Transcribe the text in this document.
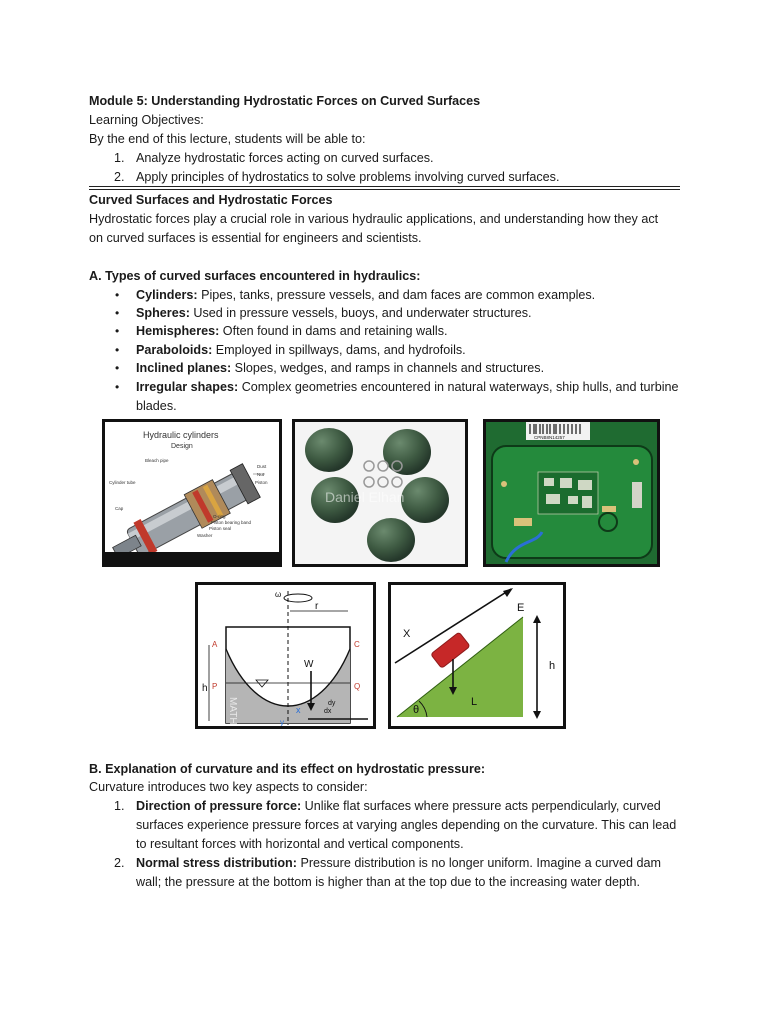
Module 5: Understanding Hydrostatic Forces on Curved Surfaces
Learning Objectives:
By the end of this lecture, students will be able to:
1. Analyze hydrostatic forces acting on curved surfaces.
2. Apply principles of hydrostatics to solve problems involving curved surfaces.
Curved Surfaces and Hydrostatic Forces
Hydrostatic forces play a crucial role in various hydraulic applications, and understanding how they act
on curved surfaces is essential for engineers and scientists.
A. Types of curved surfaces encountered in hydraulics:
• Cylinders: Pipes, tanks, pressure vessels, and dam faces are common examples.
• Spheres: Used in pressure vessels, buoys, and underwater structures.
• Hemispheres: Often found in dams and retaining walls.
• Paraboloids: Employed in spillways, dams, and hydrofoils.
• Inclined planes: Slopes, wedges, and ramps in channels and structures.
• Irregular shapes: Complex geometries encountered in natural waterways, ship hulls, and turbine
blades.
Hydraulic cylinders
Design
Bleach pipe
Cylinder tube
Cap
Piston
Nut
O-ring
Piston seal
Piston bearing band
Washer
Dust
Daniel Elhan
CPNB8N14257
ω
r
A	C
P	Q
h
W
x
y
dy
dx
MATH
X
E
h
L
θ
B. Explanation of curvature and its effect on hydrostatic pressure:
Curvature introduces two key aspects to consider:
1. Direction of pressure force: Unlike flat surfaces where pressure acts perpendicularly, curved
surfaces experience pressure forces at varying angles depending on the curvature. This can lead
to resultant forces with horizontal and vertical components.
2. Normal stress distribution: Pressure distribution is no longer uniform. Imagine a curved dam
wall; the pressure at the bottom is higher than at the top due to the increasing water depth.
